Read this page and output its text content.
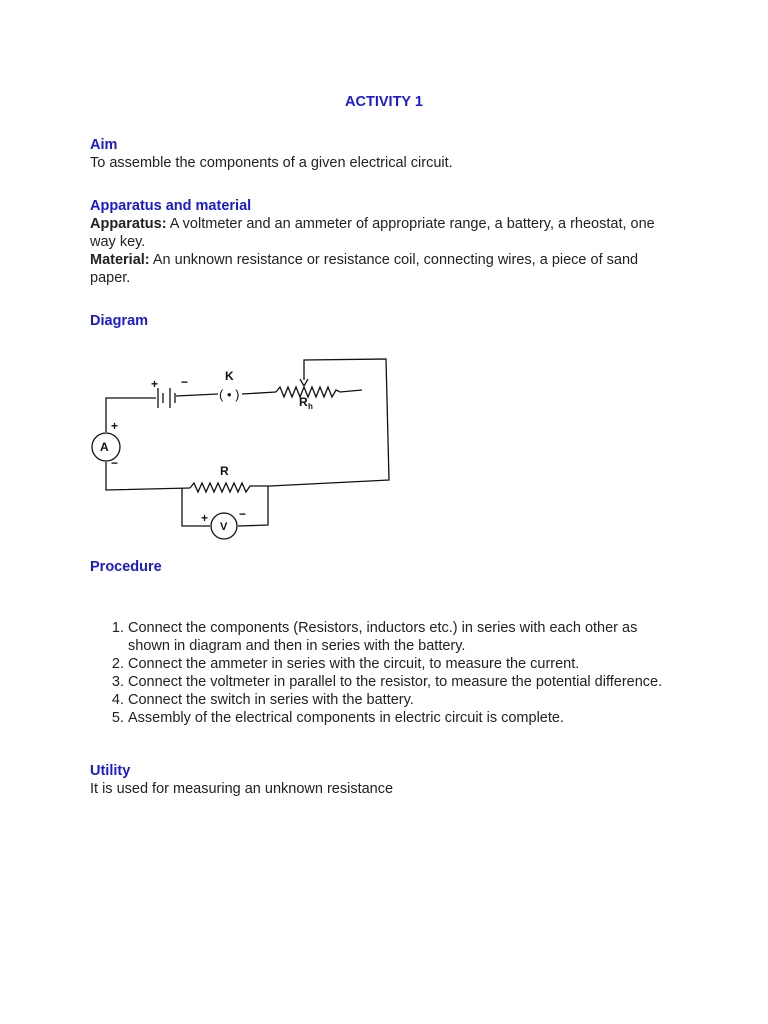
ACTIVITY 1
Aim

To assemble the components of a given electrical circuit.

Apparatus and material

Apparatus: A voltmeter and an ammeter of appropriate range, a battery, a rheostat, one way key.

Material: An unknown resistance or resistance coil, connecting wires, a piece of sand paper.

Diagram
( • )
+ −	K
R h
+
−
A
R
+	−
V
Procedure
1. Connect the components (Resistors, inductors etc.) in series with each other as shown in diagram and then in series with the battery.
2. Connect the ammeter in series with the circuit, to measure the current.
3. Connect the voltmeter in parallel to the resistor, to measure the potential difference.
4. Connect the switch in series with the battery.
5. Assembly of the electrical components in electric circuit is complete.
Utility

It is used for measuring an unknown resistance
